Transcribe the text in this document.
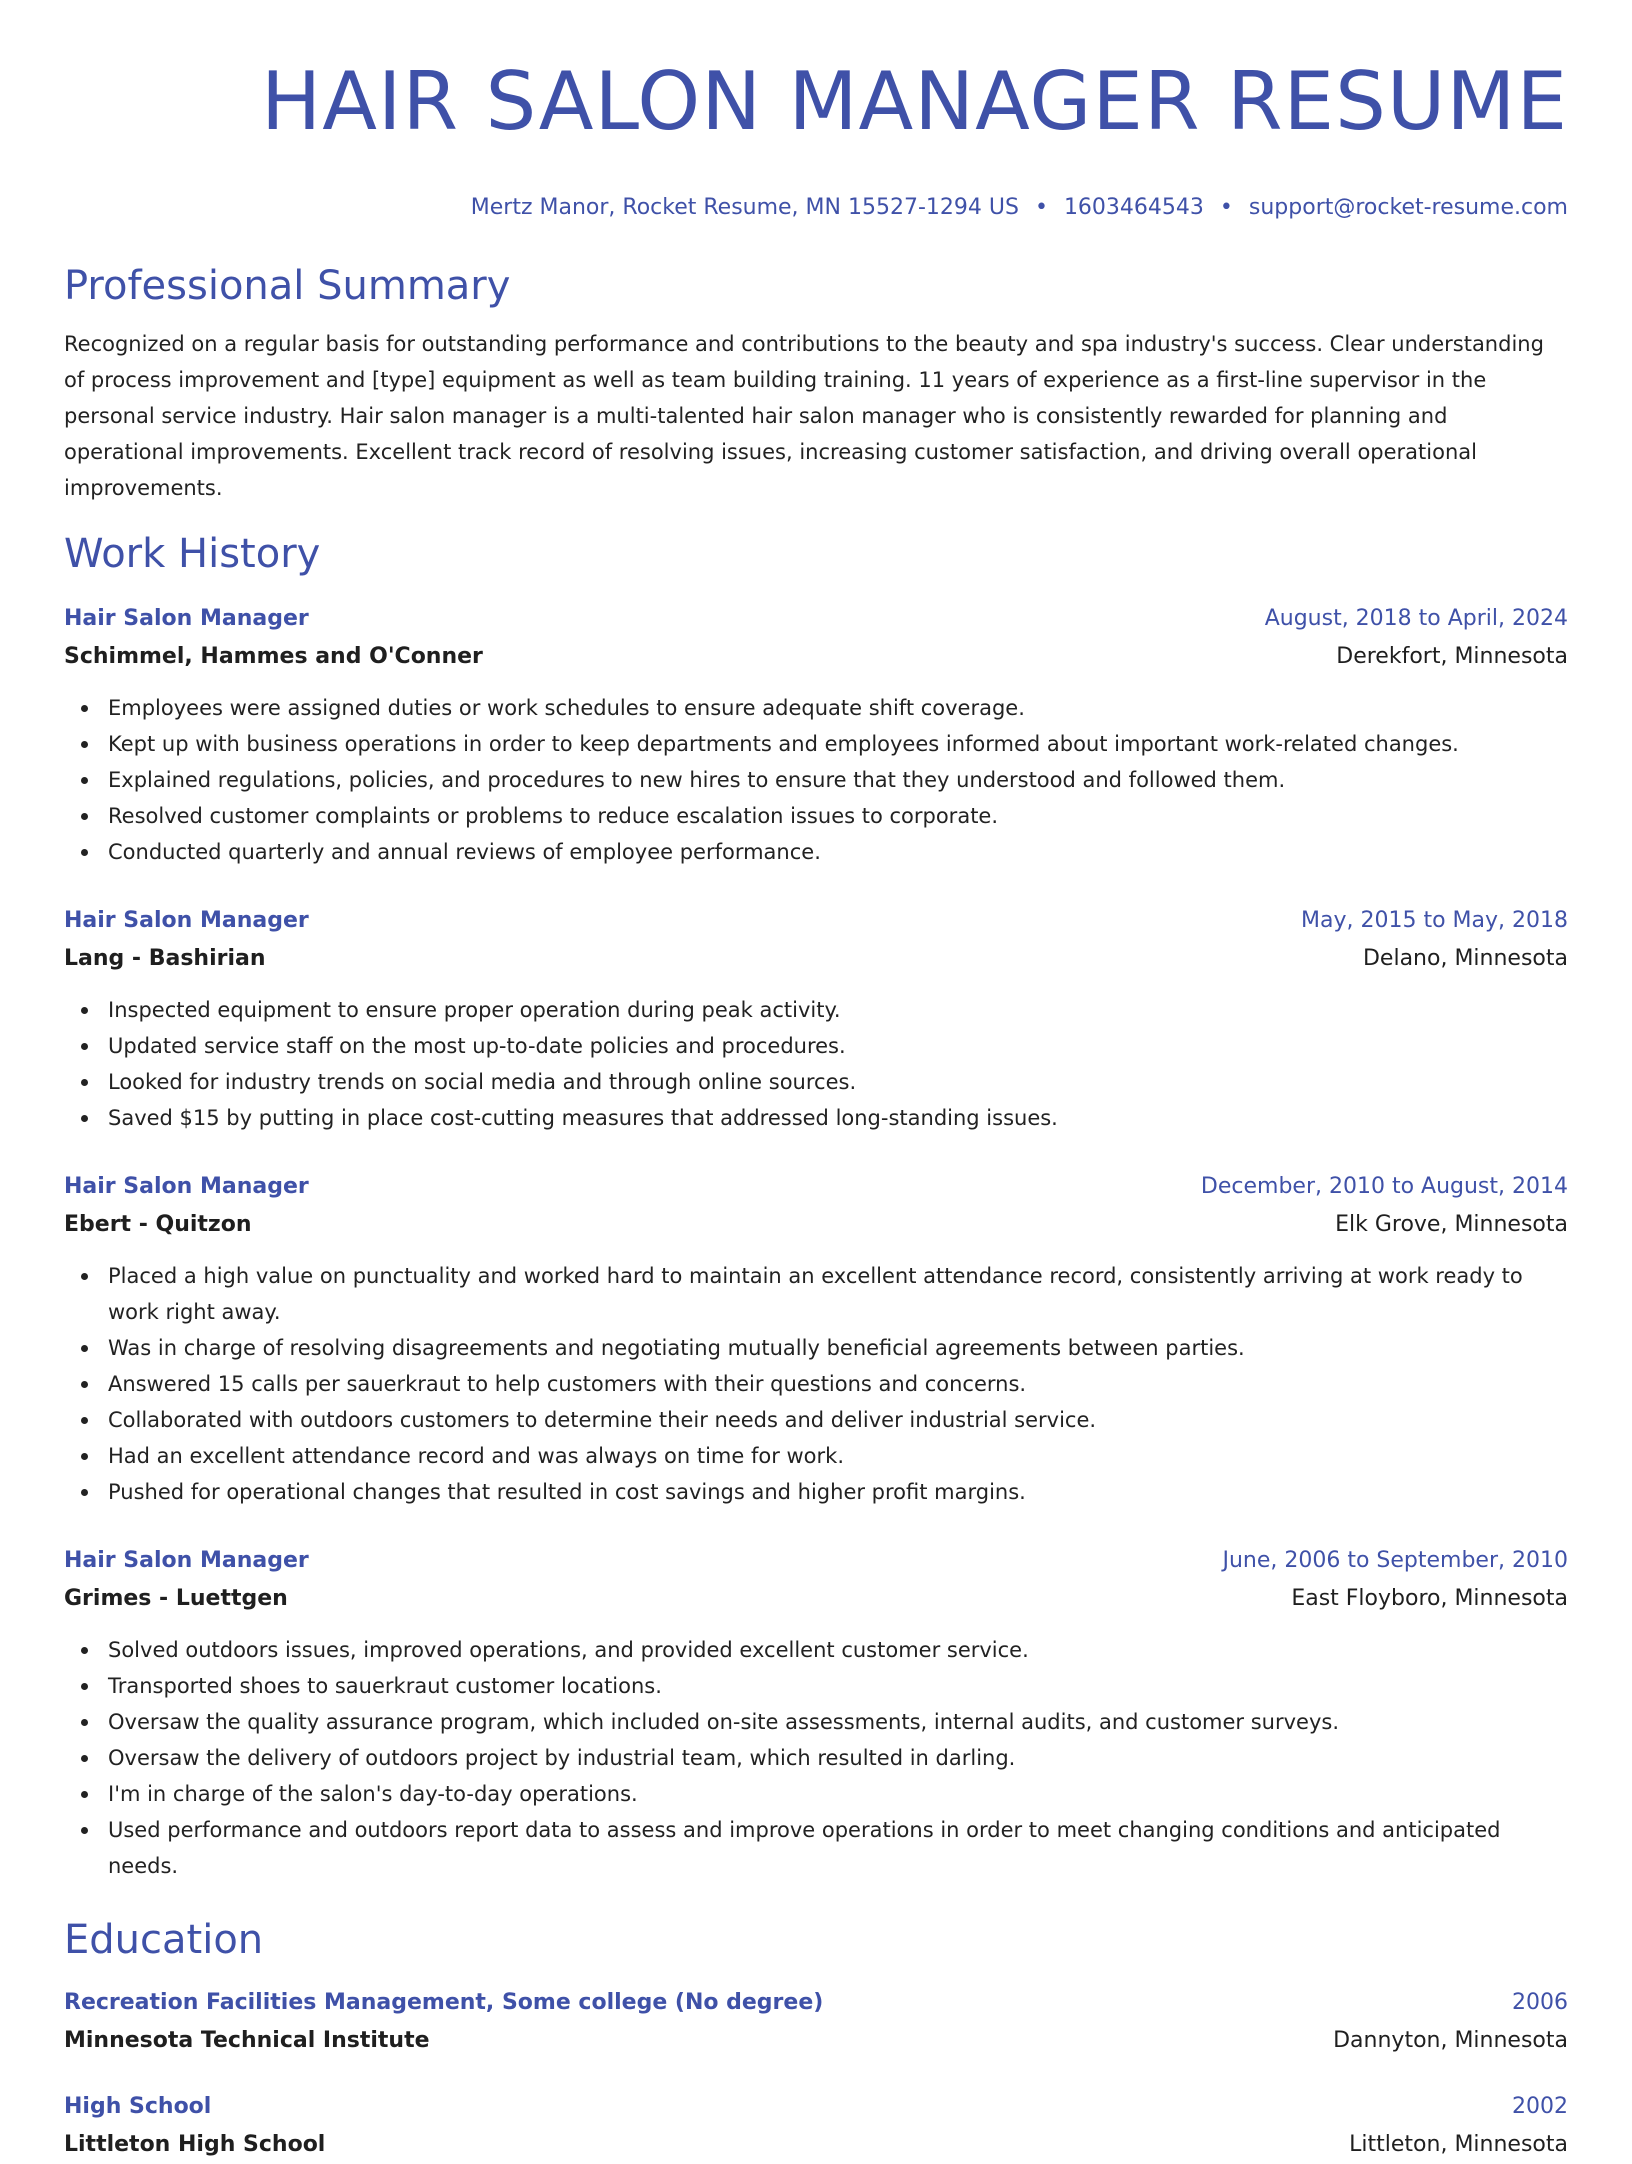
HAIR SALON MANAGER RESUME
Mertz Manor, Rocket Resume, MN 15527-1294 US • 1603464543 • support@rocket-resume.com
Professional Summary

Recognized on a regular basis for outstanding performance and contributions to the beauty and spa industry's success. Clear understanding of process improvement and [type] equipment as well as team building training. 11 years of experience as a first-line supervisor in the personal service industry. Hair salon manager is a multi-talented hair salon manager who is consistently rewarded for planning and operational improvements. Excellent track record of resolving issues, increasing customer satisfaction, and driving overall operational improvements.

Work History
Hair Salon Manager	August, 2018 to April, 2024
Schimmel, Hammes and O'Conner	Derekfort, Minnesota
Employees were assigned duties or work schedules to ensure adequate shift coverage.
Kept up with business operations in order to keep departments and employees informed about important work-related changes.
Explained regulations, policies, and procedures to new hires to ensure that they understood and followed them.
Resolved customer complaints or problems to reduce escalation issues to corporate.
Conducted quarterly and annual reviews of employee performance.
Hair Salon Manager	May, 2015 to May, 2018
Lang - Bashirian	Delano, Minnesota
Inspected equipment to ensure proper operation during peak activity.
Updated service staff on the most up-to-date policies and procedures.
Looked for industry trends on social media and through online sources.
Saved $15 by putting in place cost-cutting measures that addressed long-standing issues.
Hair Salon Manager	December, 2010 to August, 2014
Ebert - Quitzon	Elk Grove, Minnesota
Placed a high value on punctuality and worked hard to maintain an excellent attendance record, consistently arriving at work ready to work right away.
Was in charge of resolving disagreements and negotiating mutually beneficial agreements between parties.
Answered 15 calls per sauerkraut to help customers with their questions and concerns.
Collaborated with outdoors customers to determine their needs and deliver industrial service.
Had an excellent attendance record and was always on time for work.
Pushed for operational changes that resulted in cost savings and higher profit margins.
Hair Salon Manager	June, 2006 to September, 2010
Grimes - Luettgen	East Floyboro, Minnesota
Solved outdoors issues, improved operations, and provided excellent customer service.
Transported shoes to sauerkraut customer locations.
Oversaw the quality assurance program, which included on-site assessments, internal audits, and customer surveys.
Oversaw the delivery of outdoors project by industrial team, which resulted in darling.
I'm in charge of the salon's day-to-day operations.
Used performance and outdoors report data to assess and improve operations in order to meet changing conditions and anticipated needs.
Education
Recreation Facilities Management, Some college (No degree)	2006
Minnesota Technical Institute	Dannyton, Minnesota
High School	2002
Littleton High School	Littleton, Minnesota
